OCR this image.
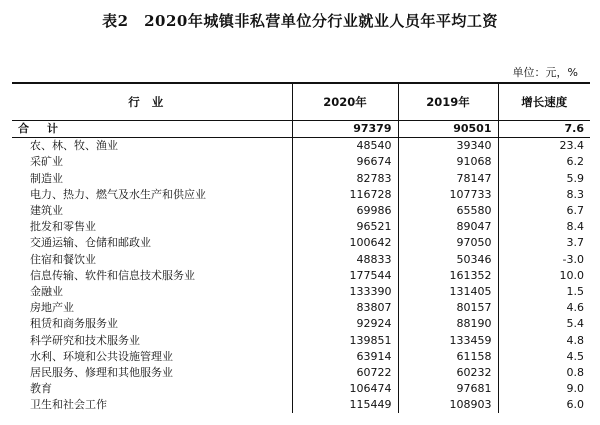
表2　2020年城镇非私营单位分行业就业人员年平均工资
单位：元，%
行业	2020年	2019年	增长速度
合计	97379	90501	7.6
农、林、牧、渔业	48540	39340	23.4
采矿业	96674	91068	6.2
制造业	82783	78147	5.9
电力、热力、燃气及水生产和供应业	116728	107733	8.3
建筑业	69986	65580	6.7
批发和零售业	96521	89047	8.4
交通运输、仓储和邮政业	100642	97050	3.7
住宿和餐饮业	48833	50346	-3.0
信息传输、软件和信息技术服务业	177544	161352	10.0
金融业	133390	131405	1.5
房地产业	83807	80157	4.6
租赁和商务服务业	92924	88190	5.4
科学研究和技术服务业	139851	133459	4.8
水利、环境和公共设施管理业	63914	61158	4.5
居民服务、修理和其他服务业	60722	60232	0.8
教育	106474	97681	9.0
卫生和社会工作	115449	108903	6.0
